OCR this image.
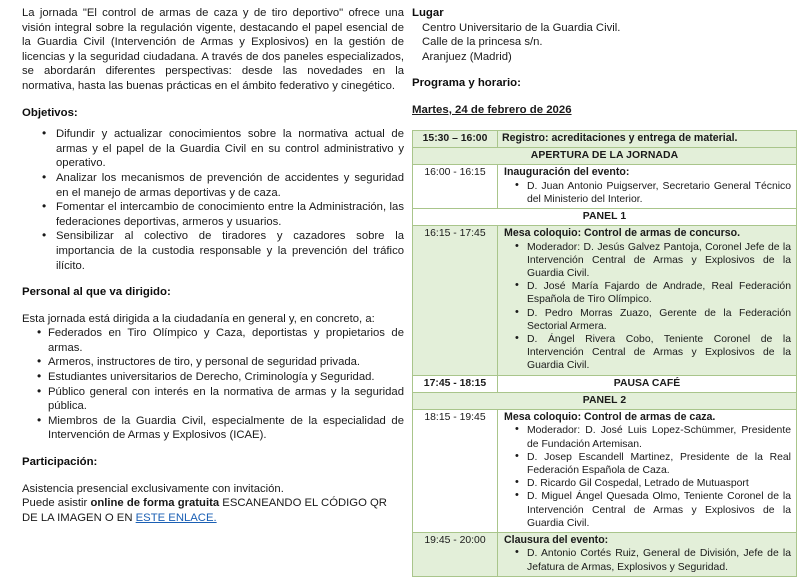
La jornada "El control de armas de caza y de tiro deportivo" ofrece una visión integral sobre la regulación vigente, destacando el papel esencial de la Guardia Civil (Intervención de Armas y Explosivos) en la gestión de licencias y la seguridad ciudadana. A través de dos paneles especializados, se abordarán diferentes perspectivas: desde las novedades en la normativa, hasta las buenas prácticas en el ámbito federativo y cinegético.

Objetivos:
• Difundir y actualizar conocimientos sobre la normativa actual de armas y el papel de la Guardia Civil en su control administrativo y operativo.
• Analizar los mecanismos de prevención de accidentes y seguridad en el manejo de armas deportivas y de caza.
• Fomentar el intercambio de conocimiento entre la Administración, las federaciones deportivas, armeros y usuarios.
• Sensibilizar al colectivo de tiradores y cazadores sobre la importancia de la custodia responsable y la prevención del tráfico ilícito.
Personal al que va dirigido:
Esta jornada está dirigida a la ciudadanía en general y, en concreto, a:
• Federados en Tiro Olímpico y Caza, deportistas y propietarios de armas.
• Armeros, instructores de tiro, y personal de seguridad privada.
• Estudiantes universitarios de Derecho, Criminología y Seguridad.
• Público general con interés en la normativa de armas y la seguridad pública.
• Miembros de la Guardia Civil, especialmente de la especialidad de Intervención de Armas y Explosivos (ICAE).
Participación:
Asistencia presencial exclusivamente con invitación.
Puede asistir online de forma gratuita ESCANEANDO EL CÓDIGO QR DE LA IMAGEN O EN ESTE ENLACE.
Lugar
Centro Universitario de la Guardia Civil.
Calle de la princesa s/n.
Aranjuez (Madrid)
Programa y horario:
Martes, 24 de febrero de 2026
15:30 – 16:00	Registro: acreditaciones y entrega de material.

APERTURA DE LA JORNADA	
16:00 - 16:15	Inauguración del evento:
• D. Juan Antonio Puigserver, Secretario General Técnico del Ministerio del Interior.

PANEL 1	
16:15 - 17:45	Mesa coloquio: Control de armas de concurso.
• Moderador: D. Jesús Galvez Pantoja, Coronel Jefe de la Intervención Central de Armas y Explosivos de la Guardia Civil.
• D. José María Fajardo de Andrade, Real Federación Española de Tiro Olímpico.
• D. Pedro Morras Zuazo, Gerente de la Federación Sectorial Armera.
• D. Ángel Rivera Cobo, Teniente Coronel de la Intervención Central de Armas y Explosivos de la Guardia Civil.

17:45 - 18:15	PAUSA CAFÉ
PANEL 2	
18:15 - 19:45	Mesa coloquio: Control de armas de caza.
• Moderador: D. José Luis Lopez-Schümmer, Presidente de Fundación Artemisan.
• D. Josep Escandell Martinez, Presidente de la Real Federación Española de Caza.
• D. Ricardo Gil Cospedal, Letrado de Mutuasport
• D. Miguel Ángel Quesada Olmo, Teniente Coronel de la Intervención Central de Armas y Explosivos de la Guardia Civil.

19:45 - 20:00	Clausura del evento:
• D. Antonio Cortés Ruiz, General de División, Jefe de la Jefatura de Armas, Explosivos y Seguridad.
